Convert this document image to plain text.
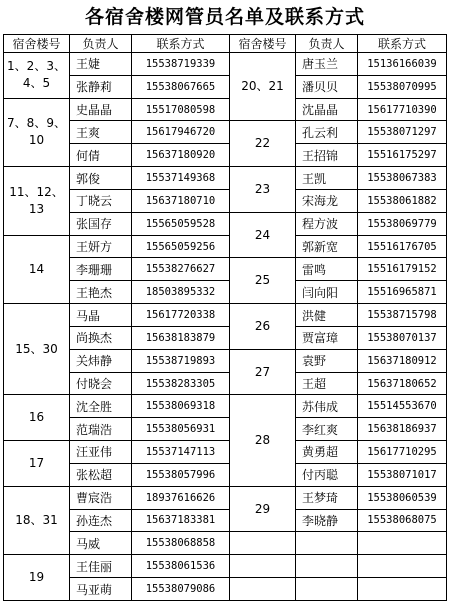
各宿舍楼网管员名单及联系方式
宿舍楼号	负责人	联系方式	宿舍楼号	负责人	联系方式
1、2、3、4、5	王婕	15538719339	20、21	唐玉兰	15136166039
	张静莉	15538067665		潘贝贝	15538070995
7、8、9、10	史晶晶	15517080598		沈晶晶	15617710390
	王爽	15617946720	22	孔云利	15538071297
	何倩	15637180920		王招锦	15516175297
11、12、13	郭俊	15537149368	23	王凯	15538067383
	丁晓云	15637180710		宋海龙	15538061882
	张国存	15565059528	24	程方波	15538069779
14	王妍方	15565059256		郭新宽	15516176705
	李珊珊	15538276627	25	雷鸣	15516179152
	王艳杰	18503895332		闫向阳	15516965871
15、30	马晶	15617720338	26	洪健	15538715798
	尚换杰	15638183879		贾富璋	15538070137
	关炜静	15538719893	27	袁野	15637180912
	付晓会	15538283305		王超	15637180652
16	沈全胜	15538069318	28	苏伟成	15514553670
	范瑞浩	15538056931		李红爽	15638186937
17	汪亚伟	15537147113		黄勇超	15617710295
	张松超	15538057996		付丙聪	15538071017
18、31	曹宸浩	18937616626	29	王梦琦	15538060539
	孙连杰	15637183381		李晓静	15538068075
	马威	15538068858			
19	王佳丽	15538061536			
	马亚萌	15538079086			
